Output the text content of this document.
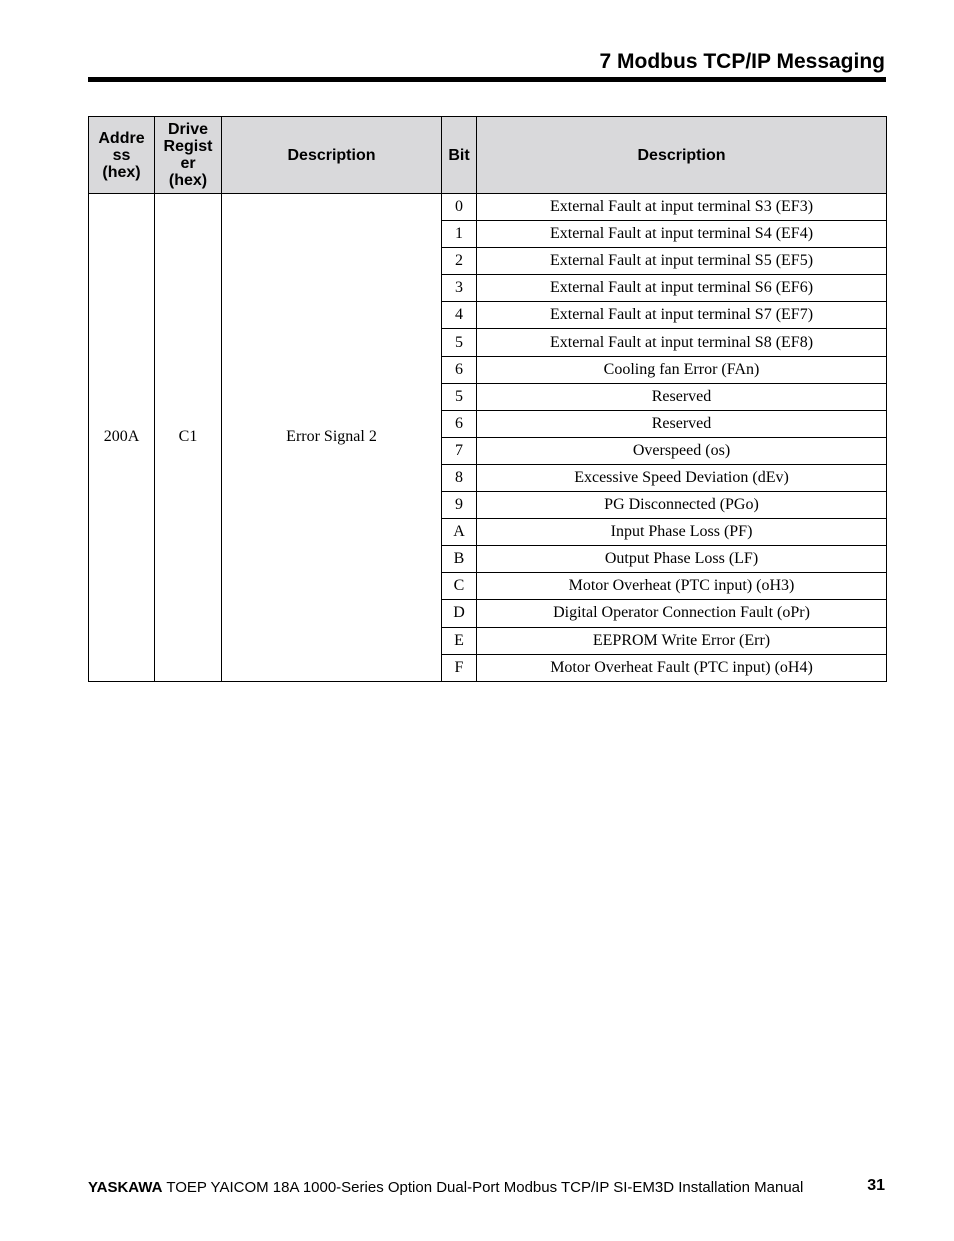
7 Modbus TCP/IP Messaging
Addre
ss
(hex)	Drive
Regist
er
(hex)	Description	Bit	Description
200A	C1	Error Signal 2	0	External Fault at input terminal S3 (EF3)
			1	External Fault at input terminal S4 (EF4)
			2	External Fault at input terminal S5 (EF5)
			3	External Fault at input terminal S6 (EF6)
			4	External Fault at input terminal S7 (EF7)
			5	External Fault at input terminal S8 (EF8)
			6	Cooling fan Error (FAn)
			5	Reserved
			6	Reserved
			7	Overspeed (os)
			8	Excessive Speed Deviation (dEv)
			9	PG Disconnected (PGo)
			A	Input Phase Loss (PF)
			B	Output Phase Loss (LF)
			C	Motor Overheat (PTC input) (oH3)
			D	Digital Operator Connection Fault (oPr)
			E	EEPROM Write Error (Err)
			F	Motor Overheat Fault (PTC input) (oH4)
YASKAWA TOEP YAICOM 18A 1000-Series Option Dual-Port Modbus TCP/IP SI-EM3D Installation Manual	31
